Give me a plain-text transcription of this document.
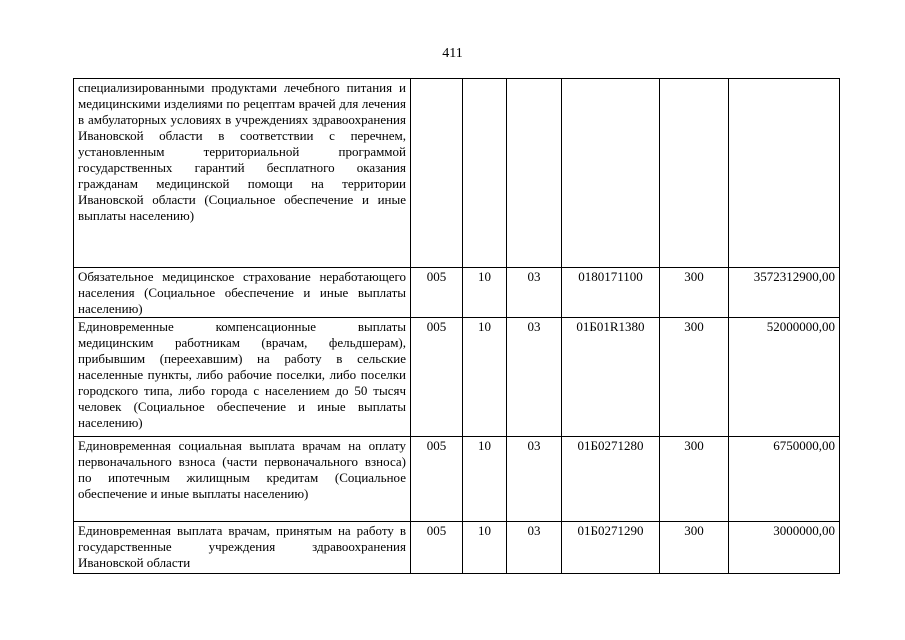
411
специализированными продуктами лечебного питания и медицинскими изделиями по рецептам врачей для лечения в амбулаторных условиях в учреждениях здравоохранения Ивановской области в соответствии с перечнем, установленным территориальной программой государственных гарантий бесплатного оказания гражданам медицинской помощи на территории Ивановской области (Социальное обеспечение и иные выплаты населению)						
Обязательное медицинское страхование неработающего населения (Социальное обеспечение и иные выплаты населению)	005	10	03	0180171100	300	3572312900,00
Единовременные компенсационные выплаты медицинским работникам (врачам, фельдшерам), прибывшим (переехавшим) на работу в сельские населенные пункты, либо рабочие поселки, либо поселки городского типа, либо города с населением до 50 тысяч человек (Социальное обеспечение и иные выплаты населению)	005	10	03	01Б01R1380	300	52000000,00
Единовременная социальная выплата врачам на оплату первоначального взноса (части первоначального взноса) по ипотечным жилищным кредитам (Социальное обеспечение и иные выплаты населению)	005	10	03	01Б0271280	300	6750000,00
Единовременная выплата врачам, принятым на работу в государственные учреждения здравоохранения Ивановской области	005	10	03	01Б0271290	300	3000000,00
